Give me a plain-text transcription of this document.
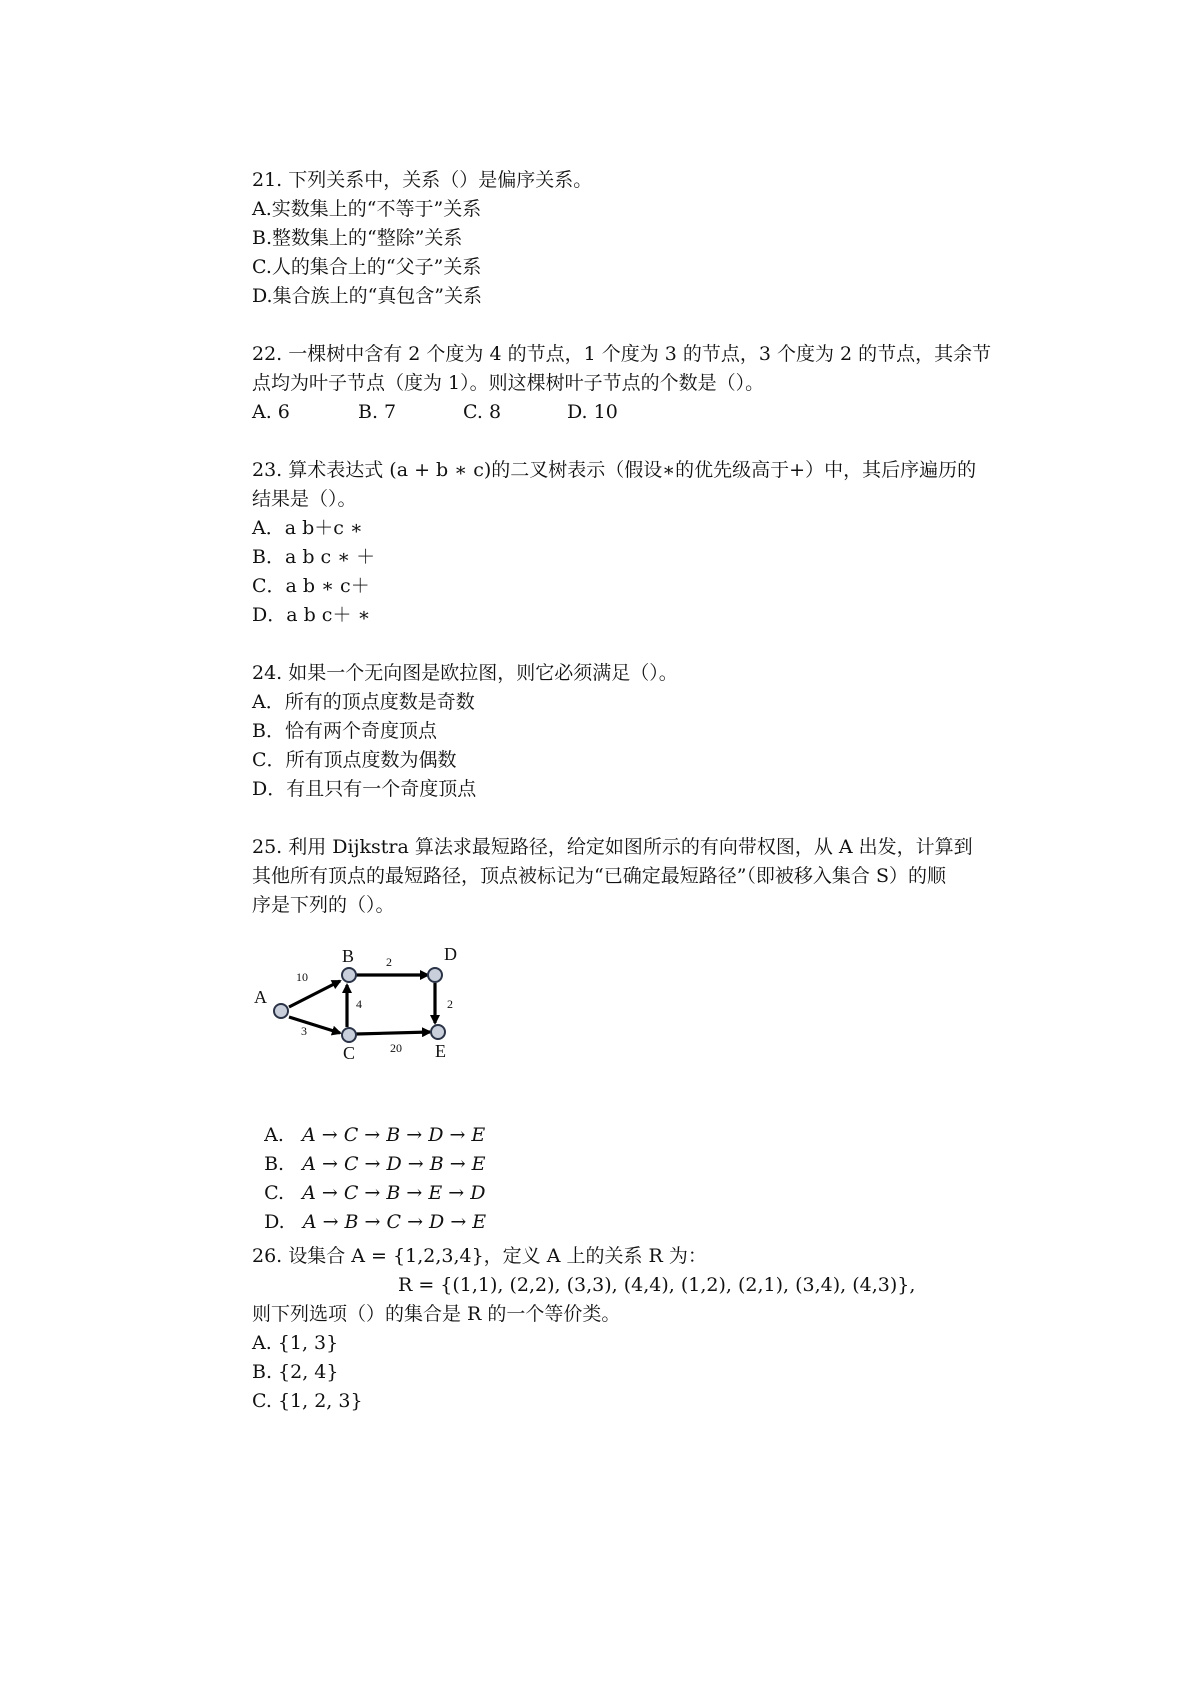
21. 下列关系中，关系（）是偏序关系。
A.实数集上的“不等于”关系
B.整数集上的“整除”关系
C.人的集合上的“父子”关系
D.集合族上的“真包含”关系
22. 一棵树中含有 2 个度为 4 的节点，1 个度为 3 的节点，3 个度为 2 的节点，其余节
点均为叶子节点（度为 1）。则这棵树叶子节点的个数是（）。
A. 6	B. 7	C. 8	D. 10
23. 算术表达式 (a + b ∗ c)的二叉树表示（假设∗的优先级高于+）中，其后序遍历的
结果是（）。
A．a b＋c ∗
B．a b c ∗ ＋
C．a b ∗ c＋
D．a b c＋ ∗
24. 如果一个无向图是欧拉图，则它必须满足（）。
A．所有的顶点度数是奇数
B．恰有两个奇度顶点
C．所有顶点度数为偶数
D．有且只有一个奇度顶点
25. 利用 Dijkstra 算法求最短路径，给定如图所示的有向带权图，从 A 出发，计算到
其他所有顶点的最短路径，顶点被标记为“已确定最短路径”（即被移入集合 S）的顺
序是下列的（）。
A
B
C
D
E
10
3
4
2
20
2

A. A → C → B → D → E

B. A → C → D → B → E

C. A → C → B → E → D

D. A → B → C → D → E

26. 设集合 A = {1,2,3,4}，定义 A 上的关系 R 为：
R = {(1,1), (2,2), (3,3), (4,4), (1,2), (2,1), (3,4), (4,3)},
则下列选项（）的集合是 R 的一个等价类。
A. {1, 3}
B. {2, 4}
C. {1, 2, 3}
